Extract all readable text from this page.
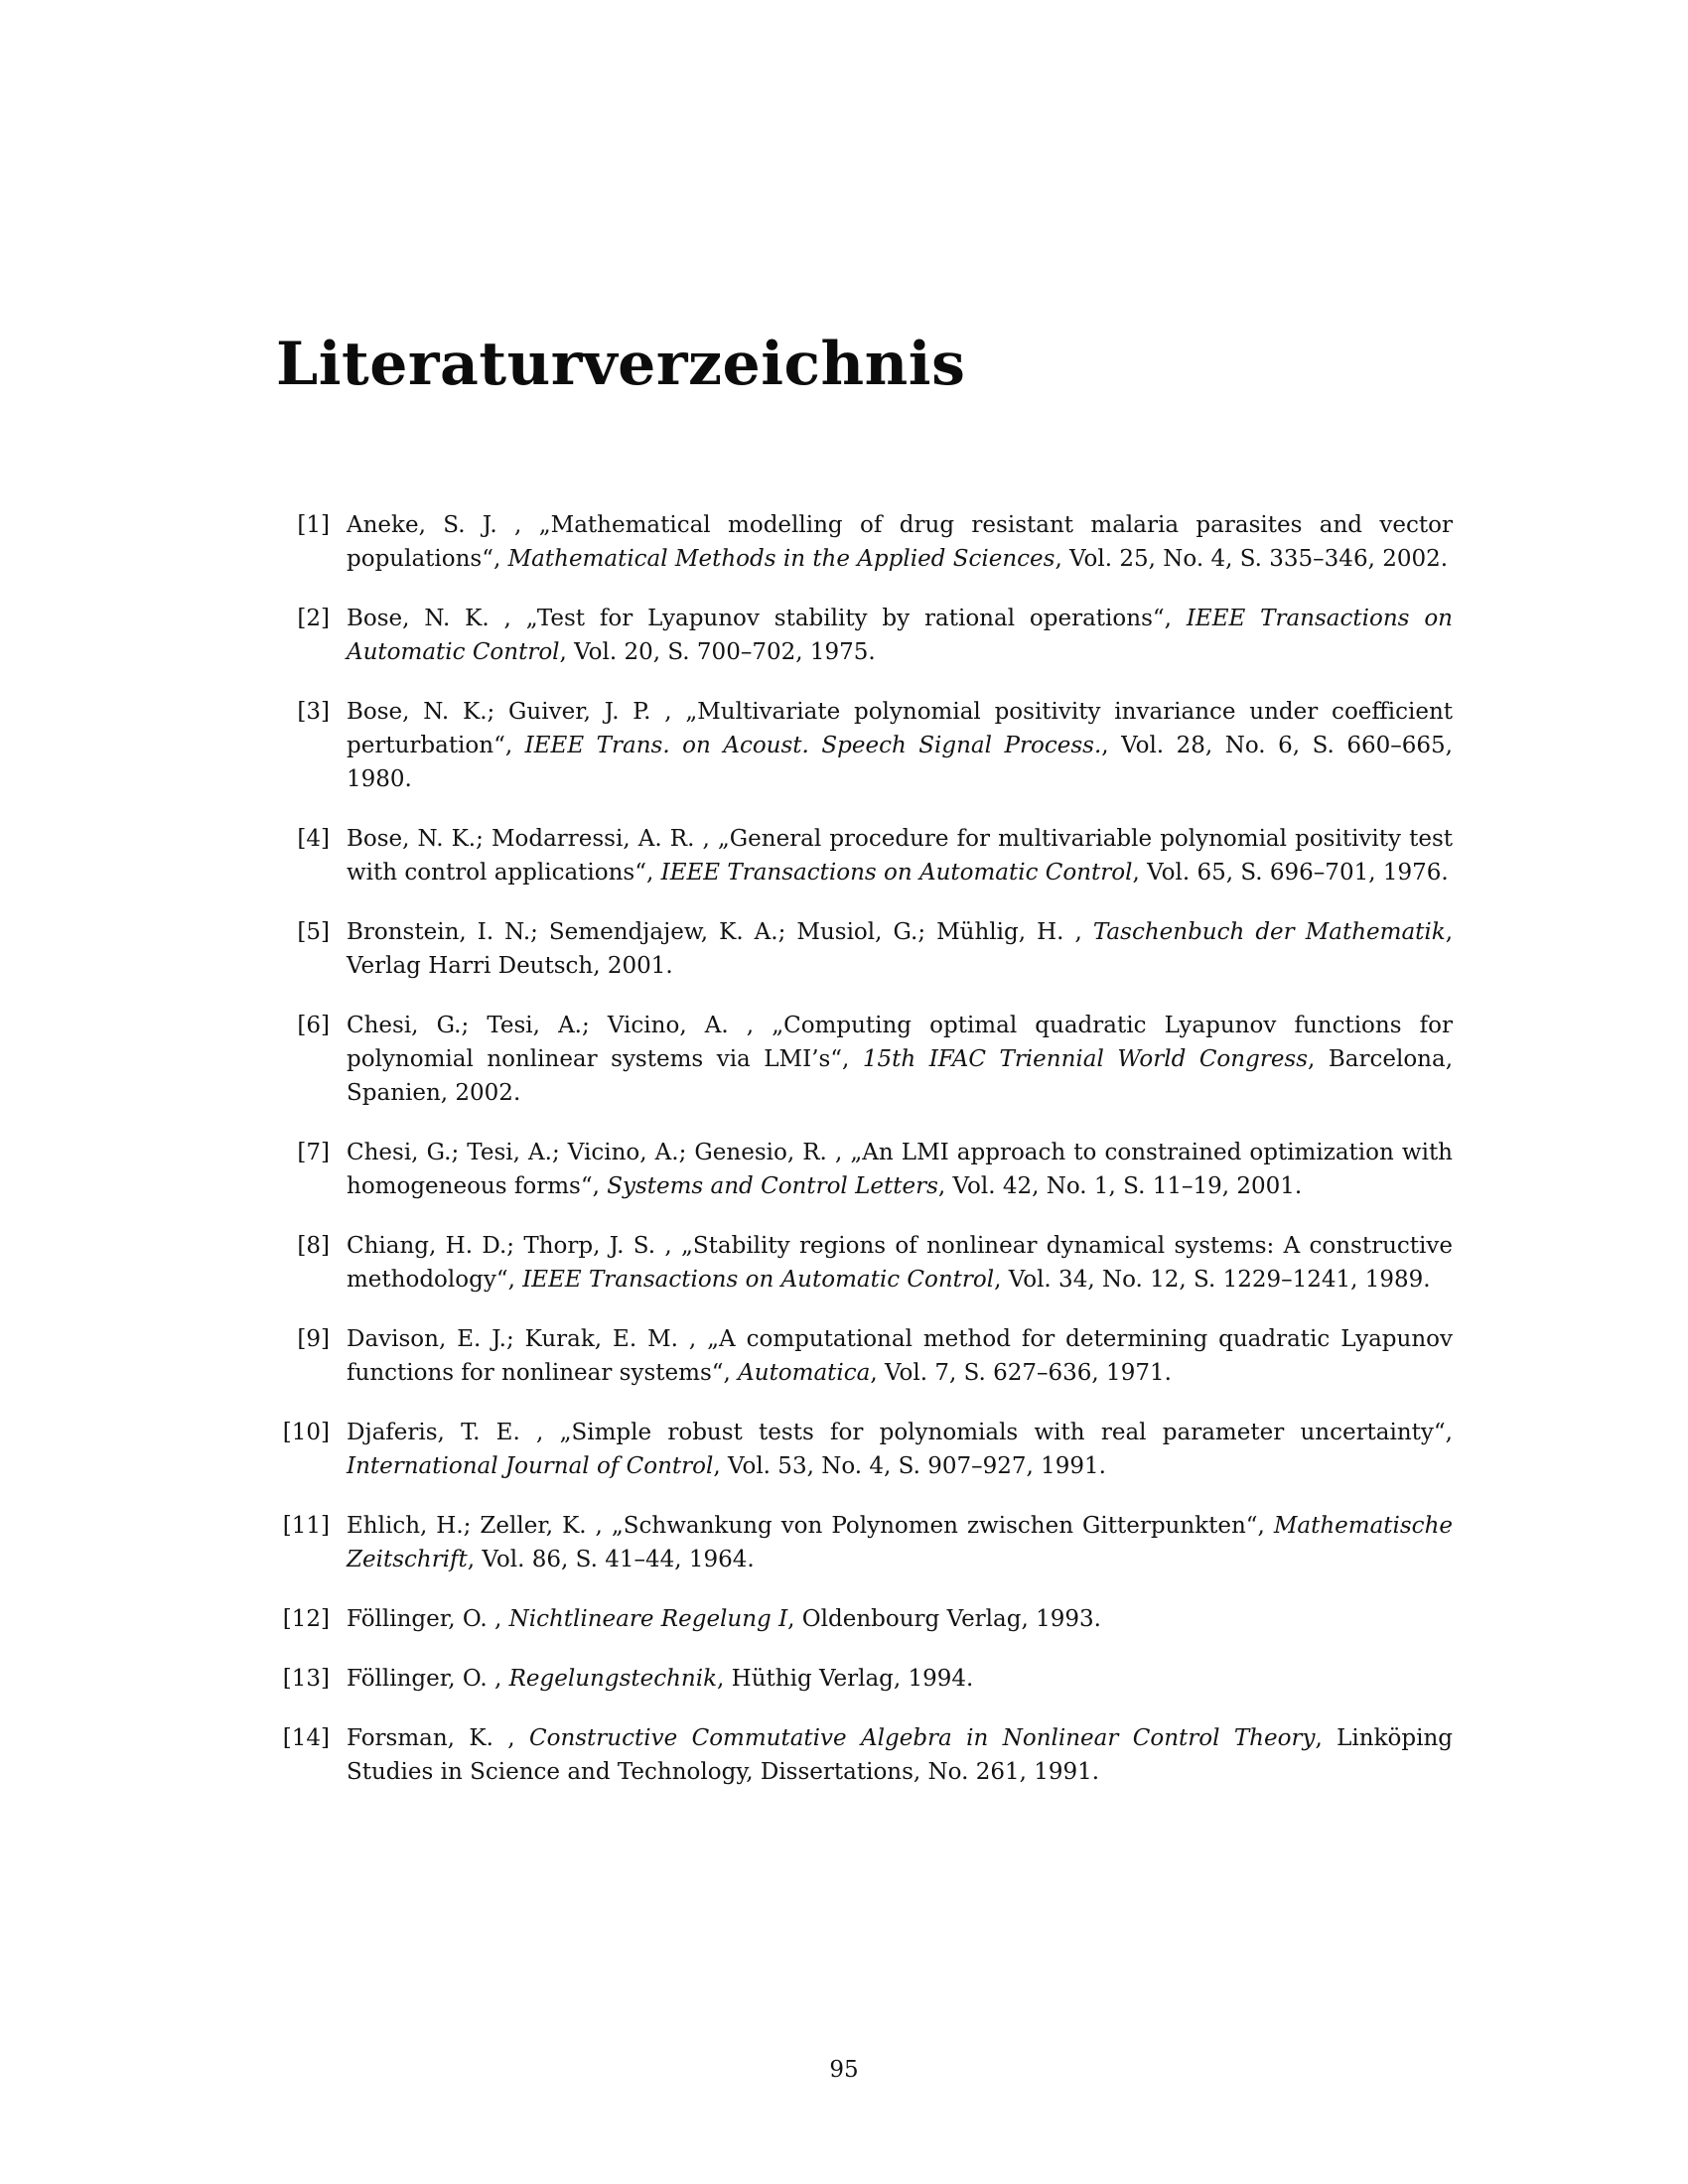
Literaturverzeichnis
[1] Aneke, S. J. , „Mathematical modelling of drug resistant malaria parasites and vector populations“, Mathematical Methods in the Applied Sciences, Vol. 25, No. 4, S. 335–346, 2002.
[2] Bose, N. K. , „Test for Lyapunov stability by rational operations“, IEEE Transactions on Automatic Control, Vol. 20, S. 700–702, 1975.
[3] Bose, N. K.; Guiver, J. P. , „Multivariate polynomial positivity invariance under coefficient perturbation“, IEEE Trans. on Acoust. Speech Signal Process., Vol. 28, No. 6, S. 660–665, 1980.
[4] Bose, N. K.; Modarressi, A. R. , „General procedure for multivariable polynomial positivity test with control applications“, IEEE Transactions on Automatic Control, Vol. 65, S. 696–701, 1976.
[5] Bronstein, I. N.; Semendjajew, K. A.; Musiol, G.; Mühlig, H. , Taschenbuch der Mathematik, Verlag Harri Deutsch, 2001.
[6] Chesi, G.; Tesi, A.; Vicino, A. , „Computing optimal quadratic Lyapunov functions for polynomial nonlinear systems via LMI’s“, 15th IFAC Triennial World Congress, Barcelona, Spanien, 2002.
[7] Chesi, G.; Tesi, A.; Vicino, A.; Genesio, R. , „An LMI approach to constrained optimization with homogeneous forms“, Systems and Control Letters, Vol. 42, No. 1, S. 11–19, 2001.
[8] Chiang, H. D.; Thorp, J. S. , „Stability regions of nonlinear dynamical systems: A constructive methodology“, IEEE Transactions on Automatic Control, Vol. 34, No. 12, S. 1229–1241, 1989.
[9] Davison, E. J.; Kurak, E. M. , „A computational method for determining quadratic Lyapunov functions for nonlinear systems“, Automatica, Vol. 7, S. 627–636, 1971.
[10] Djaferis, T. E. , „Simple robust tests for polynomials with real parameter uncertainty“, International Journal of Control, Vol. 53, No. 4, S. 907–927, 1991.
[11] Ehlich, H.; Zeller, K. , „Schwankung von Polynomen zwischen Gitterpunkten“, Mathematische Zeitschrift, Vol. 86, S. 41–44, 1964.
[12] Föllinger, O. , Nichtlineare Regelung I, Oldenbourg Verlag, 1993.
[13] Föllinger, O. , Regelungstechnik, Hüthig Verlag, 1994.
[14] Forsman, K. , Constructive Commutative Algebra in Nonlinear Control Theory, Linköping Studies in Science and Technology, Dissertations, No. 261, 1991.
95
